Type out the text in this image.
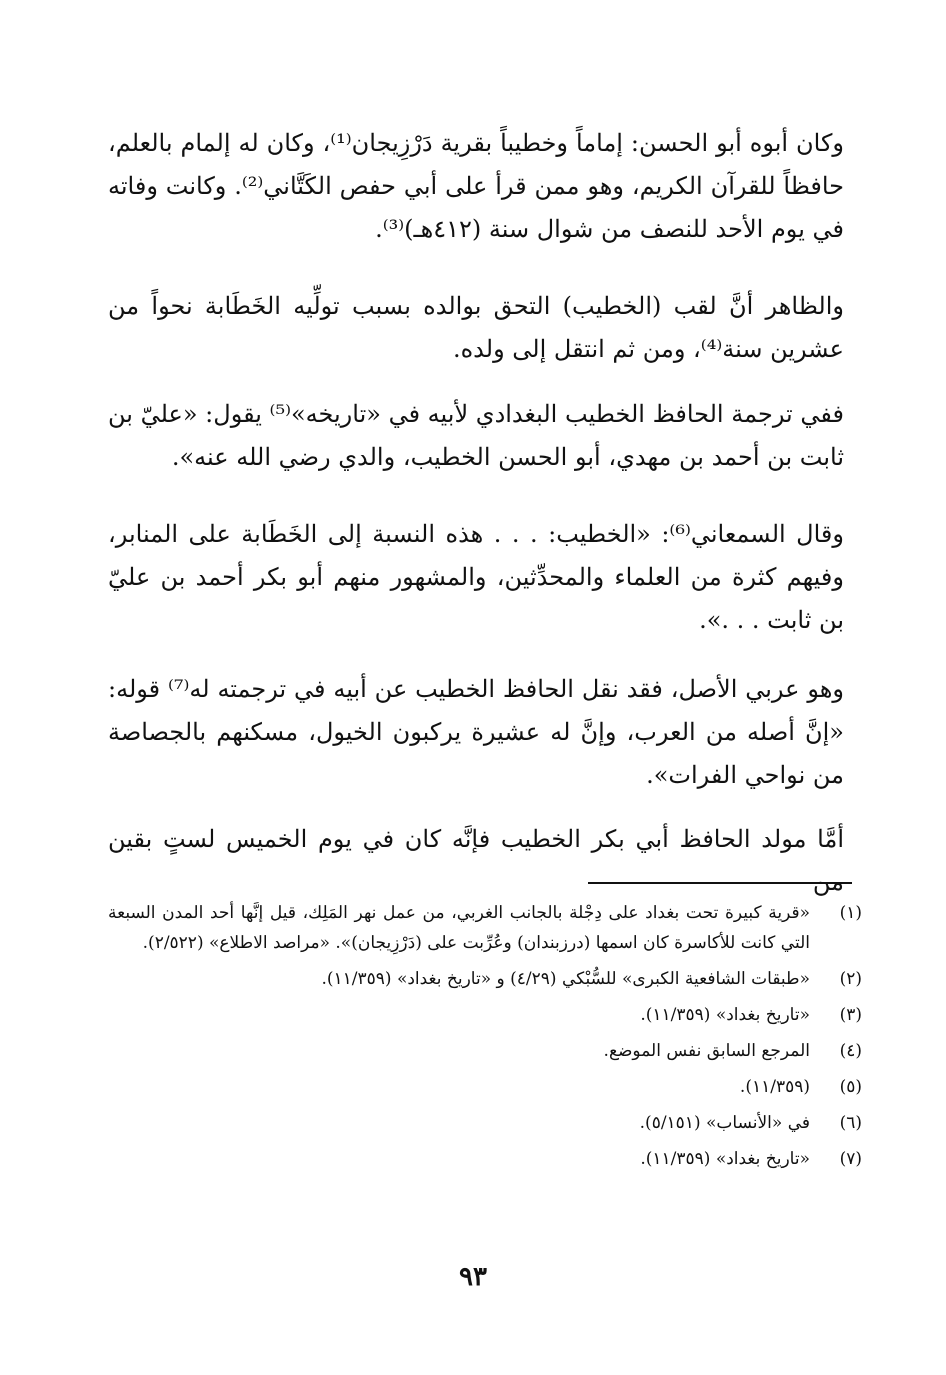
وكان أبوه أبو الحسن: إماماً وخطيباً بقرية دَرْزِيجان⁽¹⁾، وكان له إلمام بالعلم، حافظاً للقرآن الكريم، وهو ممن قرأ على أبي حفص الكَتَّاني⁽²⁾. وكانت وفاته في يوم الأحد للنصف من شوال سنة (٤١٢هـ)⁽³⁾.

والظاهر أنَّ لقب (الخطيب) التحق بوالده بسبب تولِّيه الخَطَابة نحواً من عشرين سنة⁽⁴⁾، ومن ثم انتقل إلى ولده.

ففي ترجمة الحافظ الخطيب البغدادي لأبيه في «تاريخه»⁽⁵⁾ يقول: «عليّ بن ثابت بن أحمد بن مهدي، أبو الحسن الخطيب، والدي رضي الله عنه».

وقال السمعاني⁽⁶⁾: «الخطيب: . . . هذه النسبة إلى الخَطَابة على المنابر، وفيهم كثرة من العلماء والمحدِّثين، والمشهور منهم أبو بكر أحمد بن عليّ بن ثابت . . .».

وهو عربي الأصل، فقد نقل الحافظ الخطيب عن أبيه في ترجمته له⁽⁷⁾ قوله: «إنَّ أصله من العرب، وإنَّ له عشيرة يركبون الخيول، مسكنهم بالجصاصة من نواحي الفرات».

أمَّا مولد الحافظ أبي بكر الخطيب فإنَّه كان في يوم الخميس لستٍ بقين من

(١)
«قرية كبيرة تحت بغداد على دِجْلة بالجانب الغربي، من عمل نهر المَلِك، قيل إنَّها أحد المدن السبعة التي كانت للأكاسرة كان اسمها (درزبندان) وعُرِّبت على (دَرْزِيجان)». «مراصد الاطلاع» (٢/٥٢٢).
(٢)
«طبقات الشافعية الكبرى» للسُّبْكي (٤/٢٩) و «تاريخ بغداد» (١١/٣٥٩).
(٣)
«تاريخ بغداد» (١١/٣٥٩).
(٤)
المرجع السابق نفس الموضع.
(٥)
(١١/٣٥٩).
(٦)
في «الأنساب» (٥/١٥١).
(٧)
«تاريخ بغداد» (١١/٣٥٩).
٩٣
